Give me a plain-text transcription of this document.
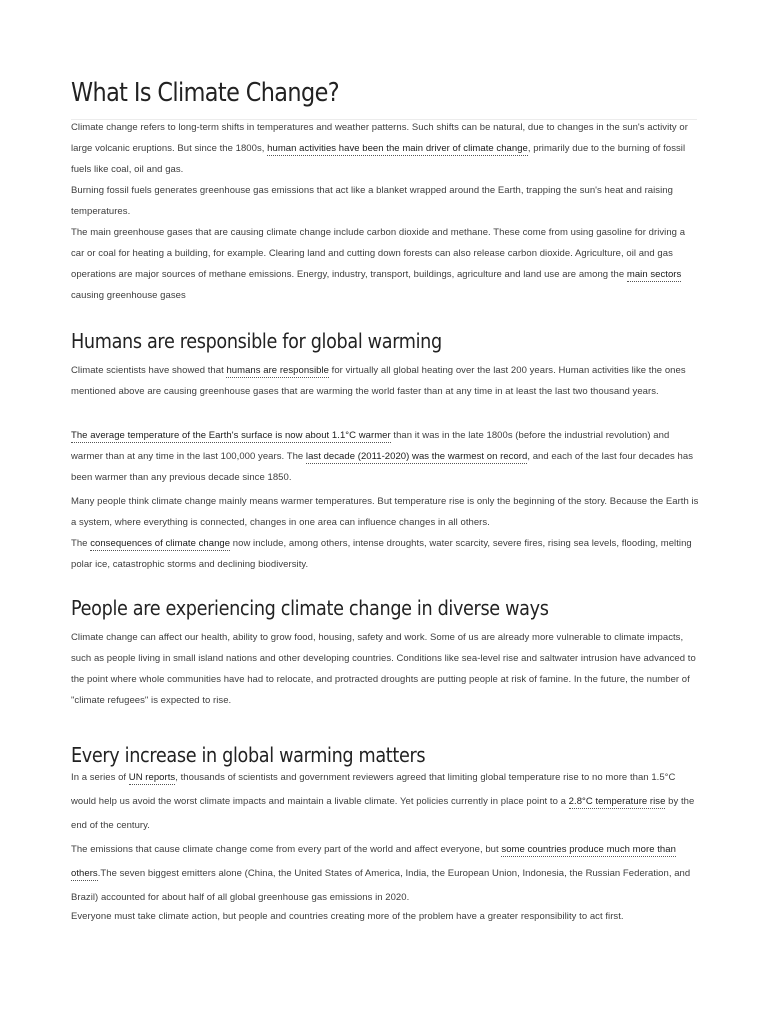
What Is Climate Change?

Climate change refers to long-term shifts in temperatures and weather patterns. Such shifts can be natural, due to changes in the sun's activity or large volcanic eruptions. But since the 1800s, human activities have been the main driver of climate change, primarily due to the burning of fossil fuels like coal, oil and gas.

Burning fossil fuels generates greenhouse gas emissions that act like a blanket wrapped around the Earth, trapping the sun's heat and raising temperatures.

The main greenhouse gases that are causing climate change include carbon dioxide and methane. These come from using gasoline for driving a car or coal for heating a building, for example. Clearing land and cutting down forests can also release carbon dioxide. Agriculture, oil and gas operations are major sources of methane emissions. Energy, industry, transport, buildings, agriculture and land use are among the main sectors causing greenhouse gases

Humans are responsible for global warming

Climate scientists have showed that humans are responsible for virtually all global heating over the last 200 years. Human activities like the ones mentioned above are causing greenhouse gases that are warming the world faster than at any time in at least the last two thousand years.

The average temperature of the Earth's surface is now about 1.1°C warmer than it was in the late 1800s (before the industrial revolution) and warmer than at any time in the last 100,000 years. The last decade (2011-2020) was the warmest on record, and each of the last four decades has been warmer than any previous decade since 1850.

Many people think climate change mainly means warmer temperatures. But temperature rise is only the beginning of the story. Because the Earth is a system, where everything is connected, changes in one area can influence changes in all others.

The consequences of climate change now include, among others, intense droughts, water scarcity, severe fires, rising sea levels, flooding, melting polar ice, catastrophic storms and declining biodiversity.

People are experiencing climate change in diverse ways

Climate change can affect our health, ability to grow food, housing, safety and work. Some of us are already more vulnerable to climate impacts, such as people living in small island nations and other developing countries. Conditions like sea-level rise and saltwater intrusion have advanced to the point where whole communities have had to relocate, and protracted droughts are putting people at risk of famine. In the future, the number of "climate refugees" is expected to rise.

Every increase in global warming matters

In a series of UN reports, thousands of scientists and government reviewers agreed that limiting global temperature rise to no more than 1.5°C would help us avoid the worst climate impacts and maintain a livable climate. Yet policies currently in place point to a 2.8°C temperature rise by the end of the century.

The emissions that cause climate change come from every part of the world and affect everyone, but some countries produce much more than others.The seven biggest emitters alone (China, the United States of America, India, the European Union, Indonesia, the Russian Federation, and Brazil) accounted for about half of all global greenhouse gas emissions in 2020.

Everyone must take climate action, but people and countries creating more of the problem have a greater responsibility to act first.
